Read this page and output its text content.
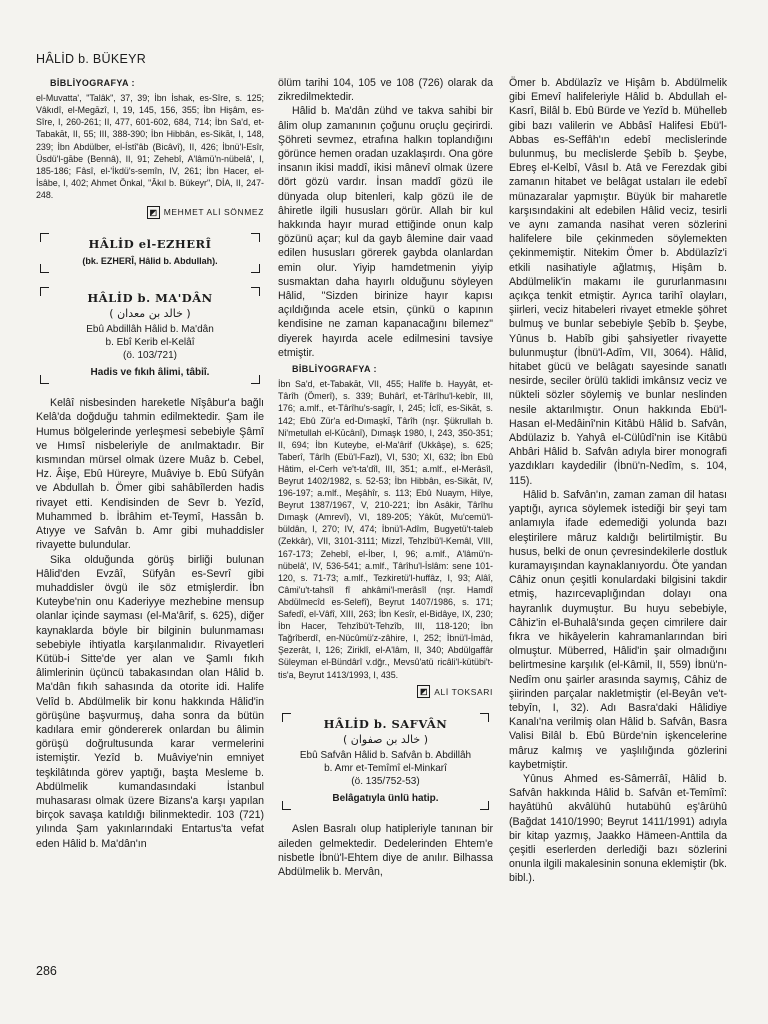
HÂLİD b. BÜKEYR
BİBLİYOGRAFYA :

el-Muvatta', "Talâk", 37, 39; İbn İshak, es-Sîre, s. 125; Vâkıdî, el-Megāzî, I, 19, 145, 156, 355; İbn Hişâm, es-Sîre, I, 260-261; II, 477, 601-602, 684, 714; İbn Sa'd, et-Tabakāt, II, 55; III, 388-390; İbn Hibbân, es-Sikāt, I, 148, 239; İbn Abdülber, el-İstî'âb (Bicâvî), II, 426; İbnü'l-Esîr, Üsdü'l-gābe (Bennâ), II, 91; Zehebî, A'lâmü'n-nübelâ', I, 185-186; Fâsî, el-'İkdü's-semîn, IV, 261; İbn Hacer, el-İsâbe, I, 402; Ahmet Önkal, "Âkıl b. Bükeyr", DİA, II, 247-248.

◩ MEHMET ALİ SÖNMEZ
HÂLİD el-EZHERÎ
(bk. EZHERÎ, Hâlid b. Abdullah).
HÂLİD b. MA'DÂN
( خالد بن معدان )
Ebû Abdillâh Hâlid b. Ma'dân
b. Ebî Kerib el-Kelâî
(ö. 103/721)
Hadis ve fıkıh âlimi, tâbiî.

Kelâî nisbesinden hareketle Nîşâbur'a bağlı Kelâ'da doğduğu tahmin edilmektedir. Şam ile Humus bölgelerinde yerleşmesi sebebiyle Şâmî ve Hımsî nisbeleriyle de anılmaktadır. Bir kısmından mürsel olmak üzere Muâz b. Cebel, Hz. Âişe, Ebû Hüreyre, Muâviye b. Ebû Süfyân ve Abdullah b. Ömer gibi sahâbîlerden hadis rivayet etti. Kendisinden de Sevr b. Yezîd, Muhammed b. İbrâhim et-Teymî, Hassân b. Atıyye ve Safvân b. Amr gibi muhaddisler rivayette bulundular.

Sika olduğunda görüş birliği bulunan Hâlid'den Evzâî, Süfyân es-Sevrî gibi muhaddisler övgü ile söz etmişlerdir. İbn Kuteybe'nin onu Kaderiyye mezhebine mensup olanlar içinde sayması (el-Ma'ârif, s. 625), diğer kaynaklarda böyle bir bilginin bulunmaması sebebiyle ihtiyatla karşılanmalıdır. Rivayetleri Kütüb-i Sitte'de yer alan ve Şamlı fıkıh âlimlerinin üçüncü tabakasından olan Hâlid b. Ma'dân fıkıh sahasında da otorite idi. Halife Velîd b. Abdülmelik bir konu hakkında Hâlid'in görüşüne başvurmuş, daha sonra da bütün kadılara emir göndererek onlardan bu âlimin görüşü doğrultusunda karar vermelerini istemiştir. Yezîd b. Muâviye'nin emniyet teşkilâtında görev yaptığı, başta Mesleme b. Abdülmelik kumandasındaki İstanbul muhasarası olmak üzere Bizans'a karşı yapılan birçok savaşa katıldığı bilinmektedir. 103 (721) yılında Şam yakınlarındaki Entartus'ta vefat eden Hâlid b. Ma'dân'ın

ölüm tarihi 104, 105 ve 108 (726) olarak da zikredilmektedir.

Hâlid b. Ma'dân zühd ve takva sahibi bir âlim olup zamanının çoğunu oruçlu geçirirdi. Şöhreti sevmez, etrafına halkın toplandığını görünce hemen oradan uzaklaşırdı. Ona göre insanın ikisi maddî, ikisi mânevî olmak üzere dört gözü vardır. İnsan maddî gözü ile dünyada olup bitenleri, kalp gözü ile de âhiretle ilgili hususları görür. Allah bir kul hakkında hayır murad ettiğinde onun kalp gözünü açar; kul da gayb âlemine dair vaad edilen hususları görerek gaybda olanlardan emin olur. Yiyip hamdetmenin yiyip susmaktan daha hayırlı olduğunu söyleyen Hâlid, "Sizden birinize hayır kapısı açıldığında acele etsin, çünkü o kapının kendisine ne zaman kapanacağını bilemez" diyerek hayırda acele edilmesini tavsiye etmiştir.

BİBLİYOGRAFYA :

İbn Sa'd, et-Tabakāt, VII, 455; Halîfe b. Hayyât, et-Târîh (Ömerî), s. 339; Buhârî, et-Târîhu'l-kebîr, III, 176; a.mlf., et-Târîhu's-sagîr, I, 245; İclî, es-Sikāt, s. 142; Ebû Zür'a ed-Dımaşkī, Târîh (nşr. Şükrullah b. Ni'metullah el-Kūcânî), Dımaşk 1980, I, 243, 350-351; II, 694; İbn Kuteybe, el-Ma'ârif (Ukkâşe), s. 625; Taberî, Târîh (Ebü'l-Fazl), VI, 530; XI, 632; İbn Ebû Hâtim, el-Cerh ve't-ta'dîl, III, 351; a.mlf., el-Merâsîl, Beyrut 1402/1982, s. 52-53; İbn Hibbân, es-Sikāt, IV, 196-197; a.mlf., Meşâhîr, s. 113; Ebû Nuaym, Hilye, Beyrut 1387/1967, V, 210-221; İbn Asâkir, Târîhu Dımaşk (Amrevî), VI, 189-205; Yâkūt, Mu'cemü'l-büldân, I, 270; IV, 474; İbnü'l-Adîm, Bugyetü't-taleb (Zekkâr), VII, 3101-3111; Mizzî, Tehzîbü'l-Kemâl, VIII, 167-173; Zehebî, el-İber, I, 96; a.mlf., A'lâmü'n-nübelâ', IV, 536-541; a.mlf., Târîhu'l-İslâm: sene 101-120, s. 71-73; a.mlf., Tezkiretü'l-huffâz, I, 93; Alâî, Câmi'u't-tahsîl fî ahkâmi'l-merâsîl (nşr. Hamdî Abdülmecîd es-Selefî), Beyrut 1407/1986, s. 171; Safedî, el-Vâfî, XIII, 263; İbn Kesîr, el-Bidâye, IX, 230; İbn Hacer, Tehzîbü't-Tehzîb, III, 118-120; İbn Tağrîberdî, en-Nücûmü'z-zâhire, I, 252; İbnü'l-İmâd, Şezerât, I, 126; Ziriklî, el-A'lâm, II, 340; Abdülgaffâr Süleyman el-Bündârî v.dğr., Mevsû'atü ricâli'l-kütübi't-tis'a, Beyrut 1413/1993, I, 435.

◩ ALİ TOKSARI
HÂLİD b. SAFVÂN
( خالد بن صفوان )
Ebû Safvân Hâlid b. Safvân b. Abdillâh
b. Amr et-Temîmî el-Minkarî
(ö. 135/752-53)
Belâgatıyla ünlü hatip.

Aslen Basralı olup hatipleriyle tanınan bir aileden gelmektedir. Dedelerinden Ehtem'e nisbetle İbnü'l-Ehtem diye de anılır. Bilhassa Abdülmelik b. Mervân,

Ömer b. Abdülazîz ve Hişâm b. Abdülmelik gibi Emevî halifeleriyle Hâlid b. Abdullah el-Kasrî, Bilâl b. Ebû Bürde ve Yezîd b. Mühelleb gibi bazı valilerin ve Abbâsî Halifesi Ebü'l-Abbas es-Seffâh'ın edebî meclislerinde bulunmuş, bu meclislerde Şebîb b. Şeybe, Ebreş el-Kelbî, Vâsıl b. Atâ ve Ferezdak gibi zamanın hitabet ve belâgat ustaları ile edebî münazaralar yapmıştır. Büyük bir maharetle karşısındakini alt edebilen Hâlid veciz, tesirli ve aynı zamanda nasihat veren sözlerini halifelere bile çekinmeden söylemekten çekinmemiştir. Nitekim Ömer b. Abdülazîz'i etkili nasihatiyle ağlatmış, Hişâm b. Abdülmelik'in makamı ile gururlanmasını açıkça tenkit etmiştir. Ayrıca tarihî olayları, şiirleri, veciz hitabeleri rivayet etmekle şöhret bulmuş ve bunlar sebebiyle Şebîb b. Şeybe, Yûnus b. Habîb gibi şahsiyetler rivayette bulunmuştur (İbnü'l-Adîm, VII, 3064). Hâlid, hitabet gücü ve belâgatı sayesinde sanatlı nesirde, seciler örülü taklidi imkânsız veciz ve nükteli sözler söylemiş ve bunlar neslinden nesile aktarılmıştır. Onun hakkında Ebü'l-Hasan el-Medâinî'nin Kitâbü Hâlid b. Safvân, Abdülaziz b. Yahyâ el-Cülûdî'nin ise Kitâbü Ahbâri Hâlid b. Safvân adıyla birer monografi yazdıkları kaydedilir (İbnü'n-Nedîm, s. 104, 115).

Hâlid b. Safvân'ın, zaman zaman dil hatası yaptığı, ayrıca söylemek istediği bir şeyi tam anlamıyla ifade edemediği yolunda bazı eleştirilere mâruz kaldığı belirtilmiştir. Bu husus, belki de onun çevresindekilerle dostluk kuramayışından kaynaklanıyordu. Öte yandan Câhiz onun çeşitli konulardaki bilgisini takdir etmiş, hazırcevaplığından dolayı ona hayranlık duymuştur. Bu huyu sebebiyle, Câhiz'in el-Buhalâ'sında geçen cimrilere dair fıkra ve hikâyelerin kahramanlarından biri olmuştur. Müberred, Hâlid'in şair olmadığını belirtmesine karşılık (el-Kâmil, II, 559) İbnü'n-Nedîm onu şairler arasında saymış, Câhiz de şiirinden parçalar nakletmiştir (el-Beyân ve't-tebyîn, I, 32). Adı Basra'daki Hâlidiye Kanalı'na verilmiş olan Hâlid b. Safvân, Basra Valisi Bilâl b. Ebû Bürde'nin işkencelerine mâruz kalmış ve yaşlılığında gözlerini kaybetmiştir.

Yûnus Ahmed es-Sâmerrâî, Hâlid b. Safvân hakkında Hâlid b. Safvân et-Temîmî: hayâtühû akvâlühû hutabühû eş'ârühû (Bağdat 1410/1990; Beyrut 1411/1991) adıyla bir kitap yazmış, Jaakko Hämeen-Anttila da çeşitli eserlerden derlediği bazı sözlerini onunla ilgili makalesinin sonuna eklemiştir (bk. bibl.).

286
